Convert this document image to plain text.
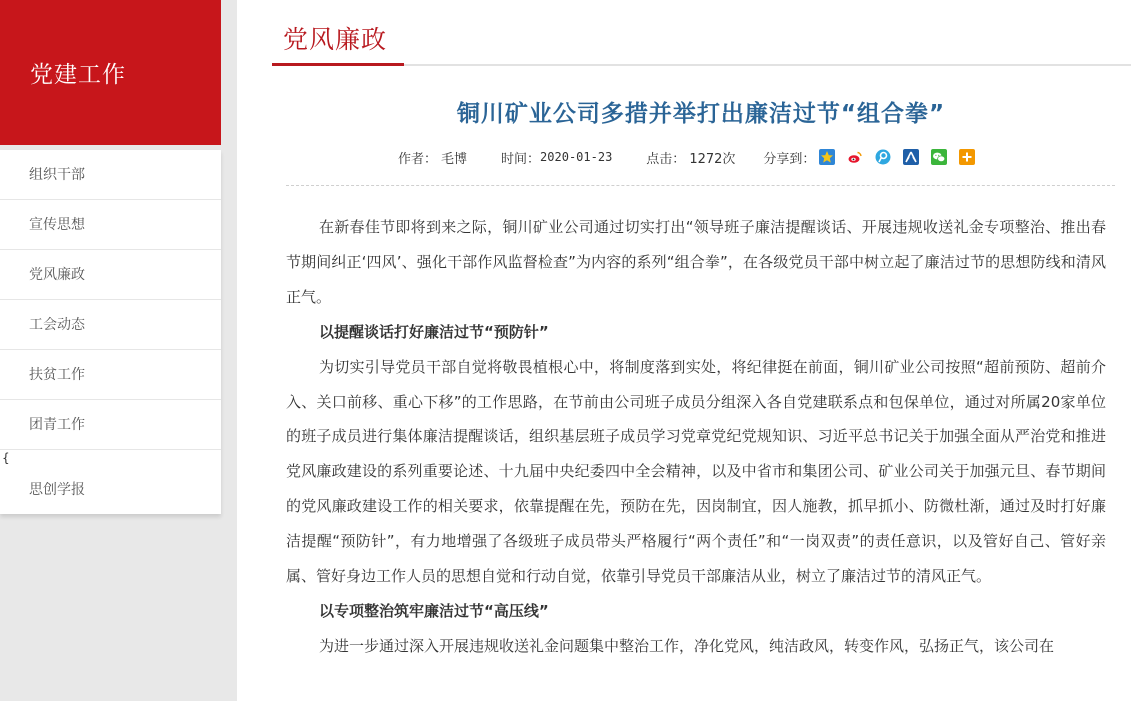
党建工作
组织干部
宣传思想
党风廉政
工会动态
扶贫工作
团青工作
{
思创学报
党风廉政
铜川矿业公司多措并举打出廉洁过节“组合拳”
作者： 毛博	时间： 2020-01-23	点击： 1272次 分享到：

在新春佳节即将到来之际，铜川矿业公司通过切实打出“领导班子廉洁提醒谈话、开展违规收送礼金专项整治、推出春节期间纠正‘四风’、强化干部作风监督检查”为内容的系列“组合拳”，在各级党员干部中树立起了廉洁过节的思想防线和清风正气。

以提醒谈话打好廉洁过节“预防针”

为切实引导党员干部自觉将敬畏植根心中，将制度落到实处，将纪律挺在前面，铜川矿业公司按照“超前预防、超前介入、关口前移、重心下移”的工作思路，在节前由公司班子成员分组深入各自党建联系点和包保单位，通过对所属20家单位的班子成员进行集体廉洁提醒谈话，组织基层班子成员学习党章党纪党规知识、习近平总书记关于加强全面从严治党和推进党风廉政建设的系列重要论述、十九届中央纪委四中全会精神，以及中省市和集团公司、矿业公司关于加强元旦、春节期间的党风廉政建设工作的相关要求，依靠提醒在先，预防在先，因岗制宜，因人施教，抓早抓小、防微杜渐，通过及时打好廉洁提醒“预防针”，有力地增强了各级班子成员带头严格履行“两个责任”和“一岗双责”的责任意识，以及管好自己、管好亲属、管好身边工作人员的思想自觉和行动自觉，依靠引导党员干部廉洁从业，树立了廉洁过节的清风正气。

以专项整治筑牢廉洁过节“高压线”

为进一步通过深入开展违规收送礼金问题集中整治工作，净化党风，纯洁政风，转变作风，弘扬正气，该公司在
